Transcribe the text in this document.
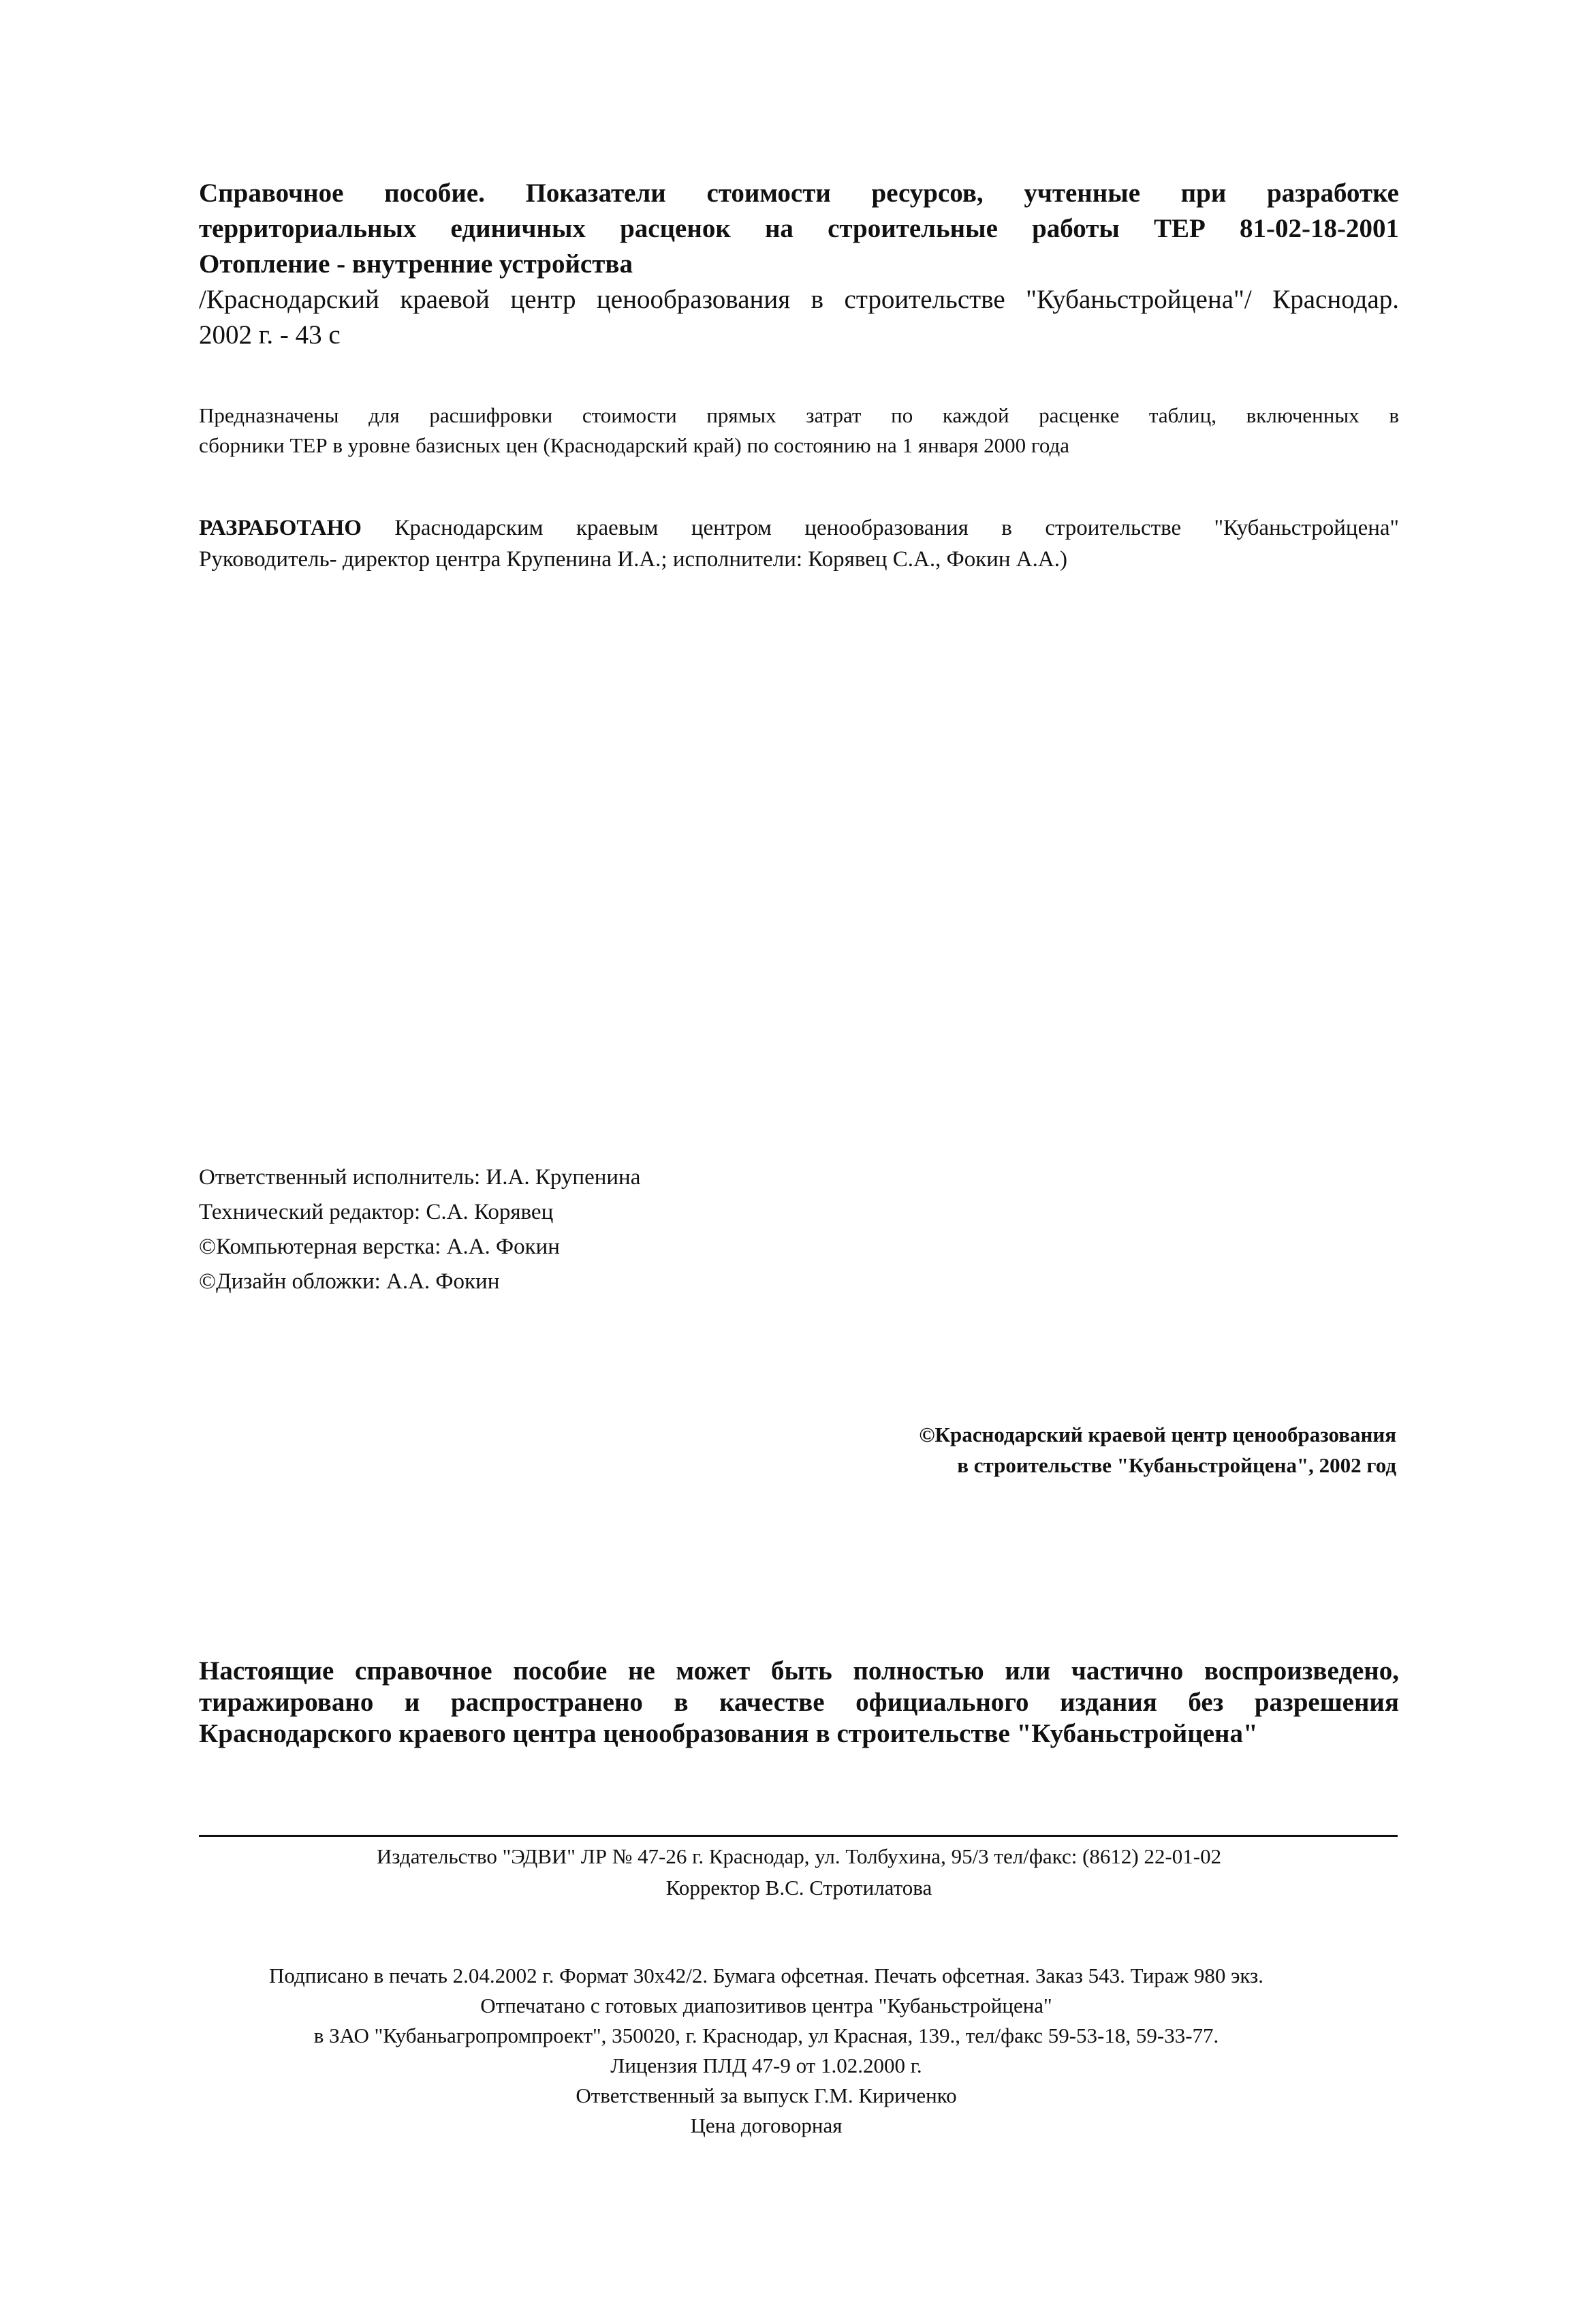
Справочное пособие. Показатели стоимости ресурсов, учтенные при разработке
территориальных единичных расценок на строительные работы ТЕР 81-02-18-2001
Отопление - внутренние устройства
/Краснодарский краевой центр ценообразования в строительстве "Кубаньстройцена"/ Краснодар.
2002 г. - 43 с
Предназначены для расшифровки стоимости прямых затрат по каждой расценке таблиц, включенных в
сборники ТЕР в уровне базисных цен (Краснодарский край) по состоянию на 1 января 2000 года
РАЗРАБОТАНО Краснодарским краевым центром ценообразования в строительстве "Кубаньстройцена"
Руководитель- директор центра Крупенина И.А.; исполнители: Корявец С.А., Фокин А.А.)
Ответственный исполнитель: И.А. Крупенина
Технический редактор: С.А. Корявец
©Компьютерная верстка: А.А. Фокин
©Дизайн обложки: А.А. Фокин
©Краснодарский краевой центр ценообразования
в строительстве "Кубаньстройцена", 2002 год
Настоящие справочное пособие не может быть полностью или частично воспроизведено,
тиражировано и распространено в качестве официального издания без разрешения
Краснодарского краевого центра ценообразования в строительстве "Кубаньстройцена"
Издательство "ЭДВИ" ЛР № 47-26 г. Краснодар, ул. Толбухина, 95/3 тел/факс: (8612) 22-01-02
Корректор В.С. Стротилатова
Подписано в печать 2.04.2002 г. Формат 30х42/2. Бумага офсетная. Печать офсетная. Заказ 543. Тираж 980 экз.
Отпечатано с готовых диапозитивов центра "Кубаньстройцена"
в ЗАО "Кубаньагропромпроект", 350020, г. Краснодар, ул Красная, 139., тел/факс 59-53-18, 59-33-77.
Лицензия ПЛД 47-9 от 1.02.2000 г.
Ответственный за выпуск Г.М. Кириченко
Цена договорная
